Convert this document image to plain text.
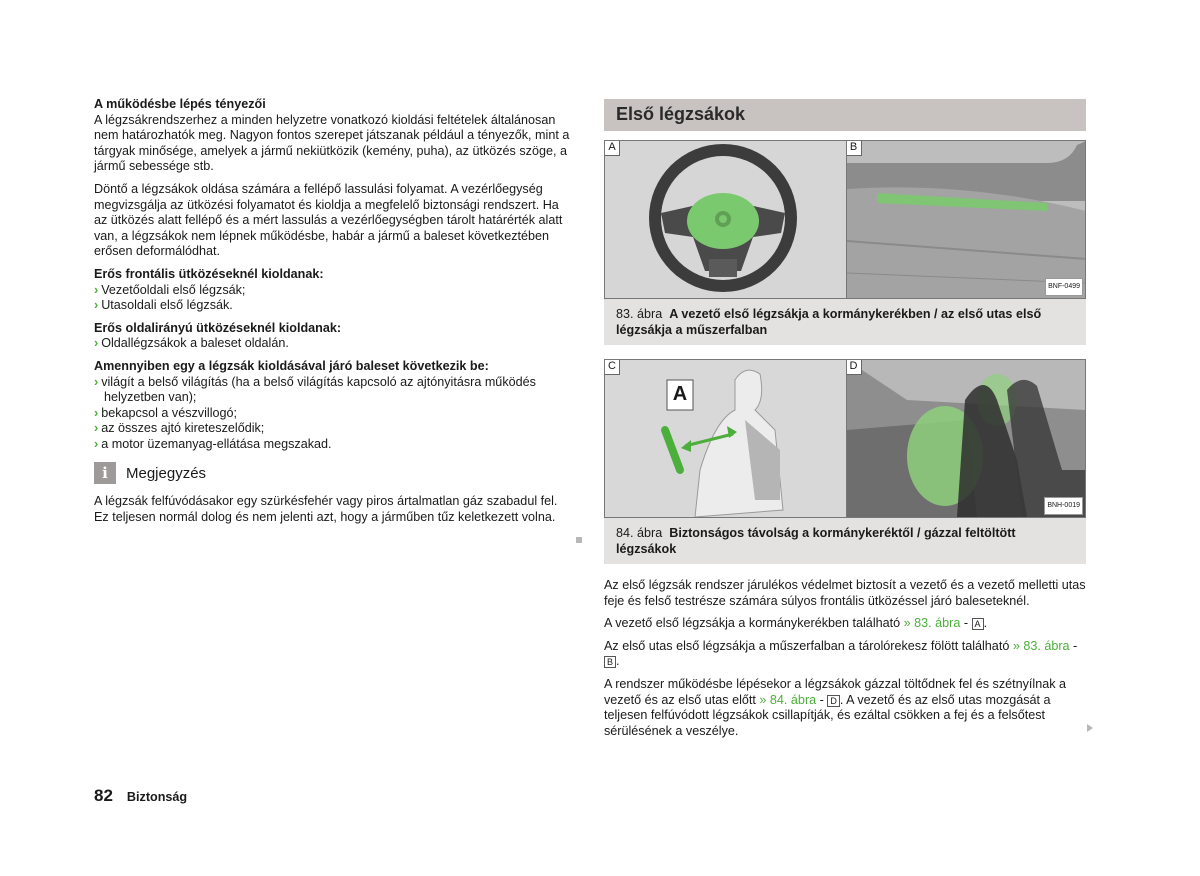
A működésbe lépés tényezői
A légzsákrendszerhez a minden helyzetre vonatkozó kioldási feltételek általánosan nem határozhatók meg. Nagyon fontos szerepet játszanak például a tényezők, mint a tárgyak minősége, amelyek a jármű nekiütközik (kemény, puha), az ütközés szöge, a jármű sebessége stb.

Döntő a légzsákok oldása számára a fellépő lassulási folyamat. A vezérlőegység megvizsgálja az ütközési folyamatot és kioldja a megfelelő biztonsági rendszert. Ha az ütközés alatt fellépő és a mért lassulás a vezérlőegységben tárolt határérték alatt van, a légzsákok nem lépnek működésbe, habár a jármű a baleset következtében erősen deformálódhat.

Erős frontális ütközéseknél kioldanak:
› Vezetőoldali első légzsák;
› Utasoldali első légzsák.
Erős oldalirányú ütközéseknél kioldanak:
› Oldallégzsákok a baleset oldalán.
Amennyiben egy a légzsák kioldásával járó baleset következik be:
› világít a belső világítás (ha a belső világítás kapcsoló az ajtónyitásra működés helyzetben van);
› bekapcsol a vészvillogó;
› az összes ajtó kireteszelődik;
› a motor üzemanyag-ellátása megszakad.
i	Megjegyzés

A légzsák felfúvódásakor egy szürkésfehér vagy piros ártalmatlan gáz szabadul fel. Ez teljesen normál dolog és nem jelenti azt, hogy a járműben tűz keletkezett volna.

Első légzsákok
A	B
BNF-0499
83. ábra A vezető első légzsákja a kormánykerékben / az első utas első légzsákja a műszerfalban
C
A
D
BNH-0019
84. ábra Biztonságos távolság a kormánykeréktől / gázzal feltöltött légzsákok

Az első légzsák rendszer járulékos védelmet biztosít a vezető és a vezető melletti utas feje és felső testrésze számára súlyos frontális ütközéssel járó baleseteknél.

A vezető első légzsákja a kormánykerékben található » 83. ábra - A .

Az első utas első légzsákja a műszerfalban a tárolórekesz fölött található » 83. ábra - B .

A rendszer működésbe lépésekor a légzsákok gázzal töltődnek fel és szétnyílnak a vezető és az első utas előtt » 84. ábra - D . A vezető és az első utas mozgását a teljesen felfúvódott légzsákok csillapítják, és ezáltal csökken a fej és a felsőtest sérülésének a veszélye.

82 Biztonság
